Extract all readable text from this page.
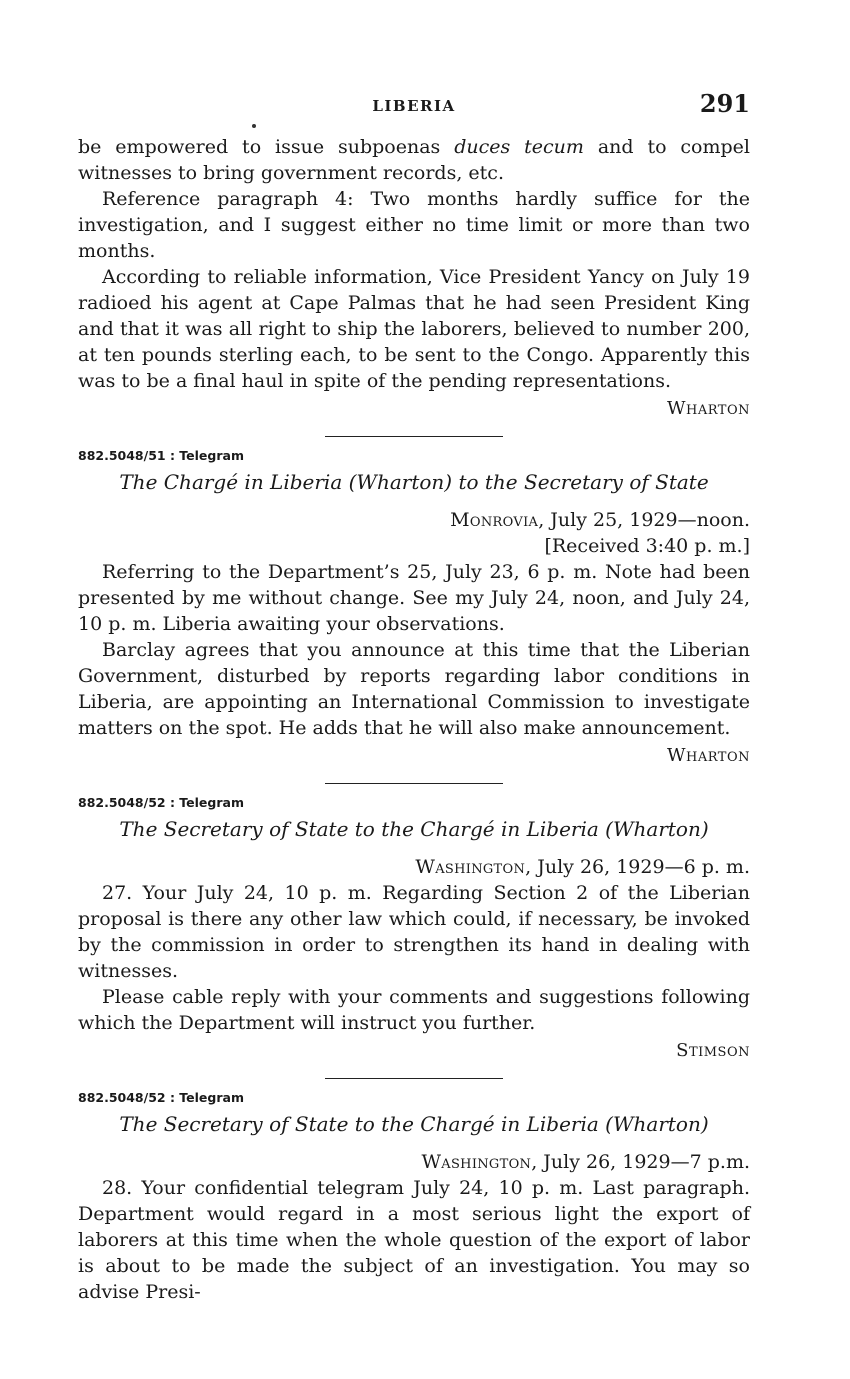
LIBERIA	291

be empowered to issue subpoenas duces tecum and to compel witnesses to bring government records, etc.

Reference paragraph 4: Two months hardly suffice for the investigation, and I suggest either no time limit or more than two months.

According to reliable information, Vice President Yancy on July 19 radioed his agent at Cape Palmas that he had seen President King and that it was all right to ship the laborers, believed to number 200, at ten pounds sterling each, to be sent to the Congo. Apparently this was to be a final haul in spite of the pending representations.

Wharton
882.5048/51 : Telegram
The Chargé in Liberia (Wharton) to the Secretary of State
Monrovia, July 25, 1929—noon.
[Received 3:40 p. m.]

Referring to the Department’s 25, July 23, 6 p. m. Note had been presented by me without change. See my July 24, noon, and July 24, 10 p. m. Liberia awaiting your observations.

Barclay agrees that you announce at this time that the Liberian Government, disturbed by reports regarding labor conditions in Liberia, are appointing an International Commission to investigate matters on the spot. He adds that he will also make announcement.

Wharton
882.5048/52 : Telegram
The Secretary of State to the Chargé in Liberia (Wharton)
Washington, July 26, 1929—6 p. m.

27. Your July 24, 10 p. m. Regarding Section 2 of the Liberian proposal is there any other law which could, if necessary, be invoked by the commission in order to strengthen its hand in dealing with witnesses.

Please cable reply with your comments and suggestions following which the Department will instruct you further.

Stimson
882.5048/52 : Telegram
The Secretary of State to the Chargé in Liberia (Wharton)
Washington, July 26, 1929—7 p.m.

28. Your confidential telegram July 24, 10 p. m. Last paragraph. Department would regard in a most serious light the export of laborers at this time when the whole question of the export of labor is about to be made the subject of an investigation. You may so advise Presi-
